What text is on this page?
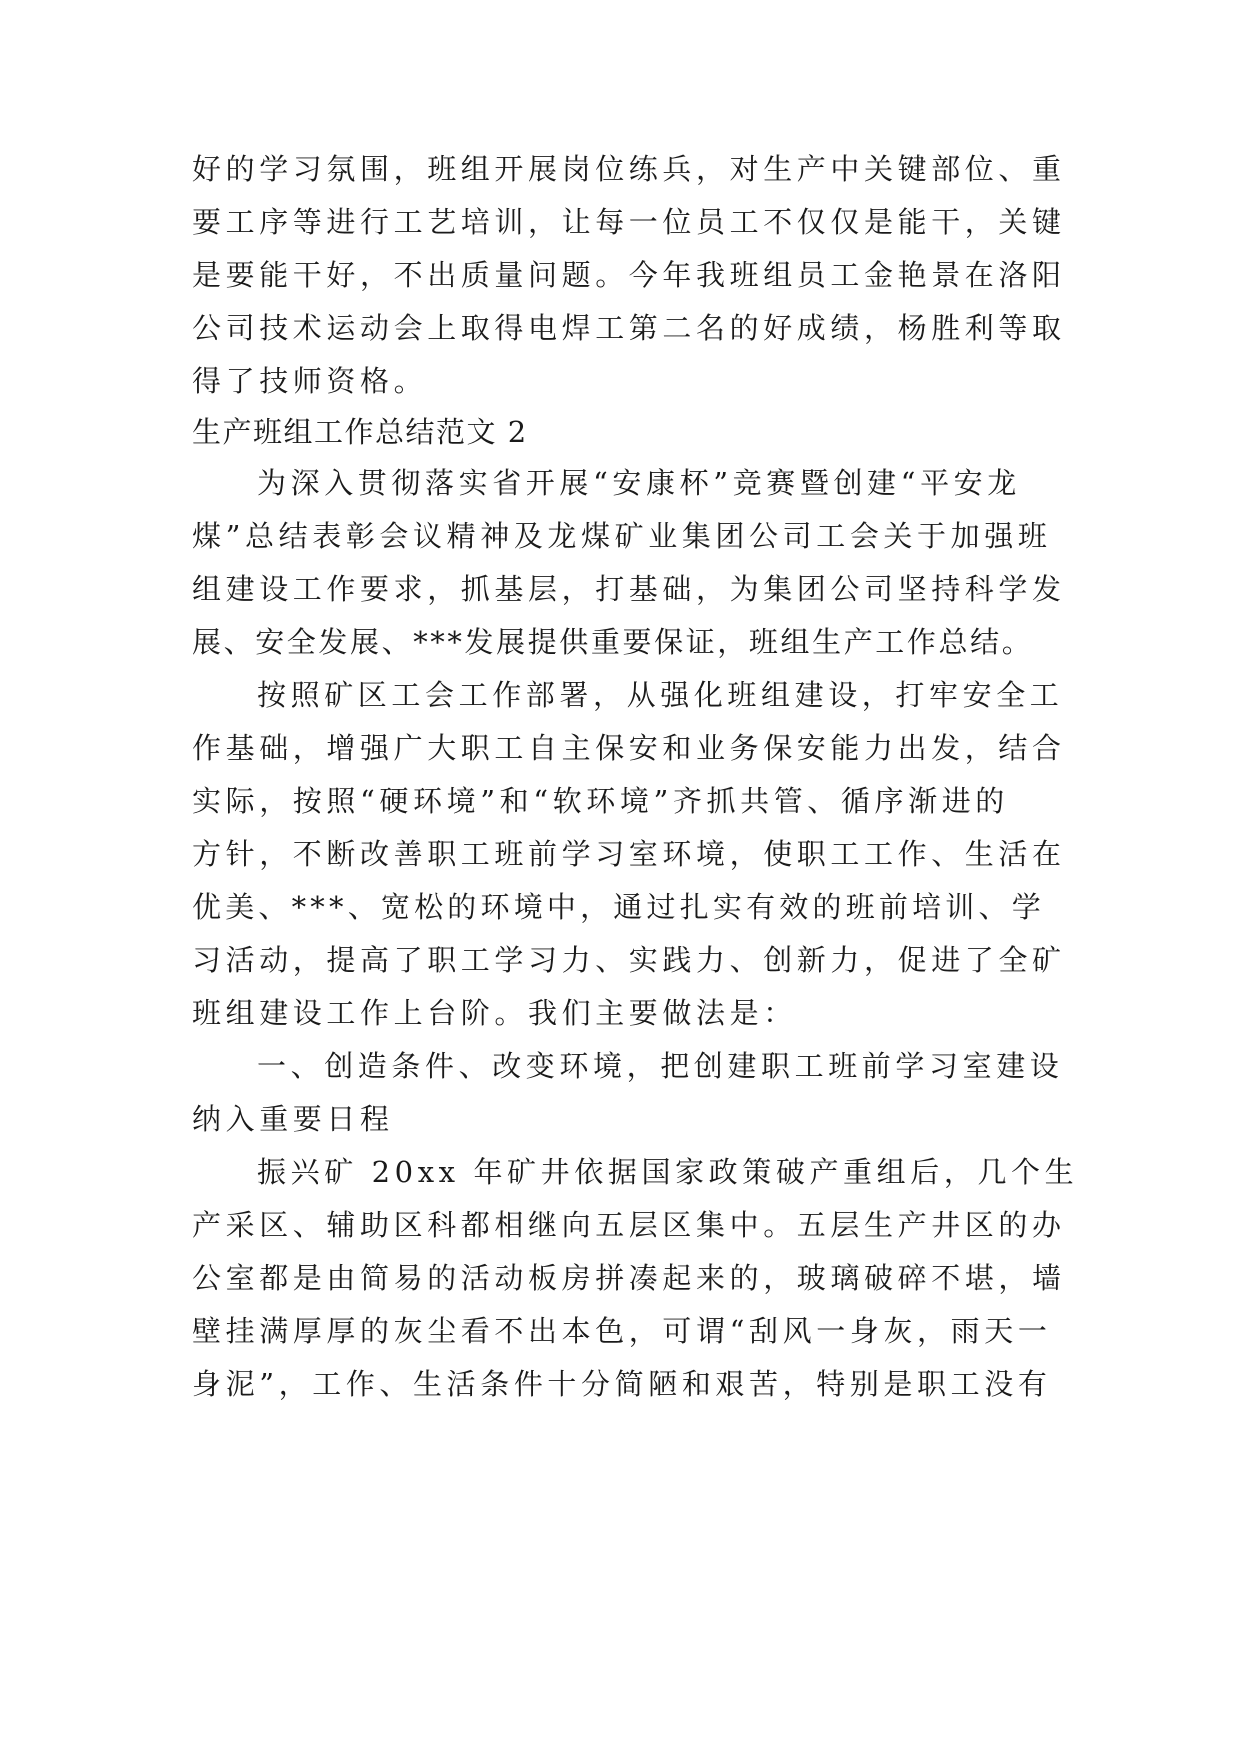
好的学习氛围，班组开展岗位练兵，对生产中关键部位、重
要工序等进行工艺培训，让每一位员工不仅仅是能干，关键
是要能干好，不出质量问题。今年我班组员工金艳景在洛阳
公司技术运动会上取得电焊工第二名的好成绩，杨胜利等取
得了技师资格。
生产班组工作总结范文 2
为深入贯彻落实省开展“安康杯”竞赛暨创建“平安龙
煤”总结表彰会议精神及龙煤矿业集团公司工会关于加强班
组建设工作要求，抓基层，打基础，为集团公司坚持科学发
展、安全发展、***发展提供重要保证，班组生产工作总结。
按照矿区工会工作部署，从强化班组建设，打牢安全工
作基础，增强广大职工自主保安和业务保安能力出发，结合
实际，按照“硬环境”和“软环境”齐抓共管、循序渐进的
方针，不断改善职工班前学习室环境，使职工工作、生活在
优美、***、宽松的环境中，通过扎实有效的班前培训、学
习活动，提高了职工学习力、实践力、创新力，促进了全矿
班组建设工作上台阶。我们主要做法是：
一、创造条件、改变环境，把创建职工班前学习室建设
纳入重要日程
振兴矿 20xx 年矿井依据国家政策破产重组后，几个生
产采区、辅助区科都相继向五层区集中。五层生产井区的办
公室都是由简易的活动板房拼凑起来的，玻璃破碎不堪，墙
壁挂满厚厚的灰尘看不出本色，可谓“刮风一身灰，雨天一
身泥”，工作、生活条件十分简陋和艰苦，特别是职工没有
